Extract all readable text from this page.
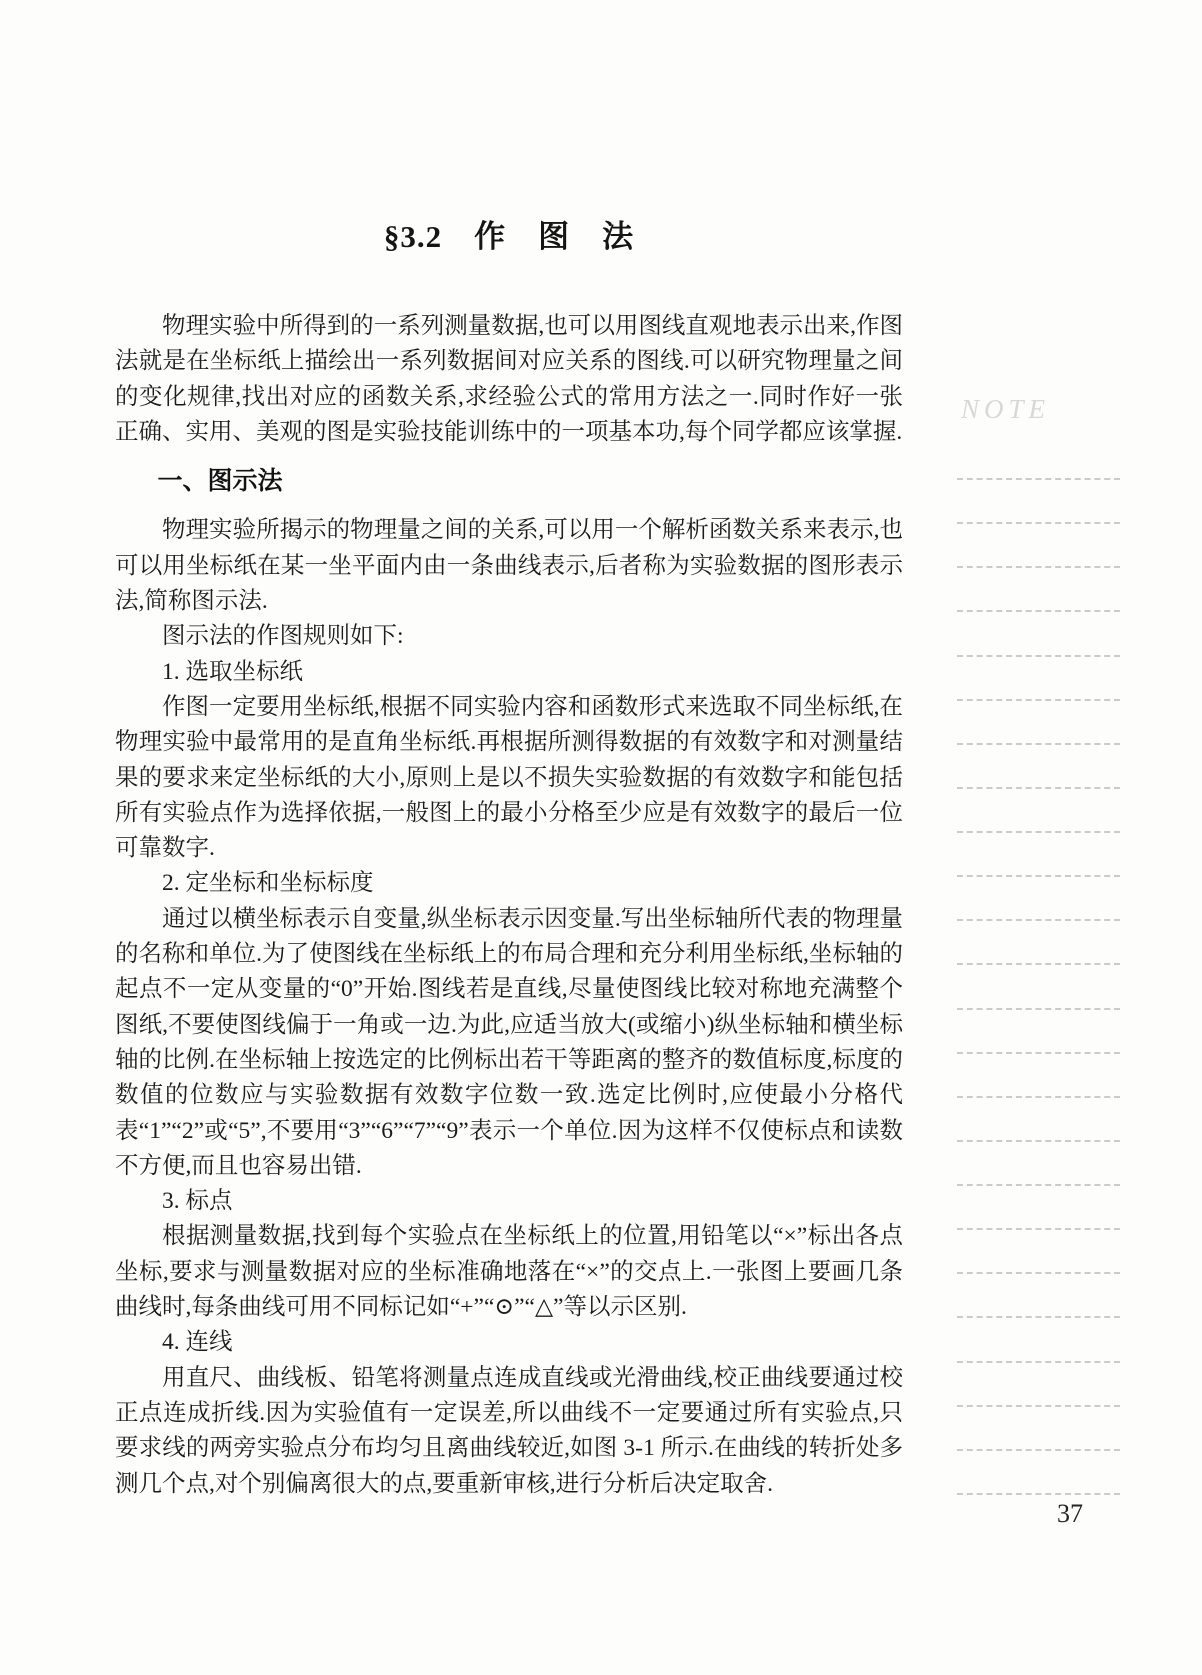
§3.2　作　图　法
NOTE

物理实验中所得到的一系列测量数据,也可以用图线直观地表示出来,作图法就是在坐标纸上描绘出一系列数据间对应关系的图线.可以研究物理量之间的变化规律,找出对应的函数关系,求经验公式的常用方法之一.同时作好一张正确、实用、美观的图是实验技能训练中的一项基本功,每个同学都应该掌握.

一、图示法

物理实验所揭示的物理量之间的关系,可以用一个解析函数关系来表示,也可以用坐标纸在某一坐平面内由一条曲线表示,后者称为实验数据的图形表示法,简称图示法.

图示法的作图规则如下:

1. 选取坐标纸

作图一定要用坐标纸,根据不同实验内容和函数形式来选取不同坐标纸,在物理实验中最常用的是直角坐标纸.再根据所测得数据的有效数字和对测量结果的要求来定坐标纸的大小,原则上是以不损失实验数据的有效数字和能包括所有实验点作为选择依据,一般图上的最小分格至少应是有效数字的最后一位可靠数字.

2. 定坐标和坐标标度

通过以横坐标表示自变量,纵坐标表示因变量.写出坐标轴所代表的物理量的名称和单位.为了使图线在坐标纸上的布局合理和充分利用坐标纸,坐标轴的起点不一定从变量的“0”开始.图线若是直线,尽量使图线比较对称地充满整个图纸,不要使图线偏于一角或一边.为此,应适当放大(或缩小)纵坐标轴和横坐标轴的比例.在坐标轴上按选定的比例标出若干等距离的整齐的数值标度,标度的数值的位数应与实验数据有效数字位数一致.选定比例时,应使最小分格代表“1”“2”或“5”,不要用“3”“6”“7”“9”表示一个单位.因为这样不仅使标点和读数不方便,而且也容易出错.

3. 标点

根据测量数据,找到每个实验点在坐标纸上的位置,用铅笔以“×”标出各点坐标,要求与测量数据对应的坐标准确地落在“×”的交点上.一张图上要画几条曲线时,每条曲线可用不同标记如“+”“⊙”“△”等以示区别.

4. 连线

用直尺、曲线板、铅笔将测量点连成直线或光滑曲线,校正曲线要通过校正点连成折线.因为实验值有一定误差,所以曲线不一定要通过所有实验点,只要求线的两旁实验点分布均匀且离曲线较近,如图 3-1 所示.在曲线的转折处多测几个点,对个别偏离很大的点,要重新审核,进行分析后决定取舍.

37
